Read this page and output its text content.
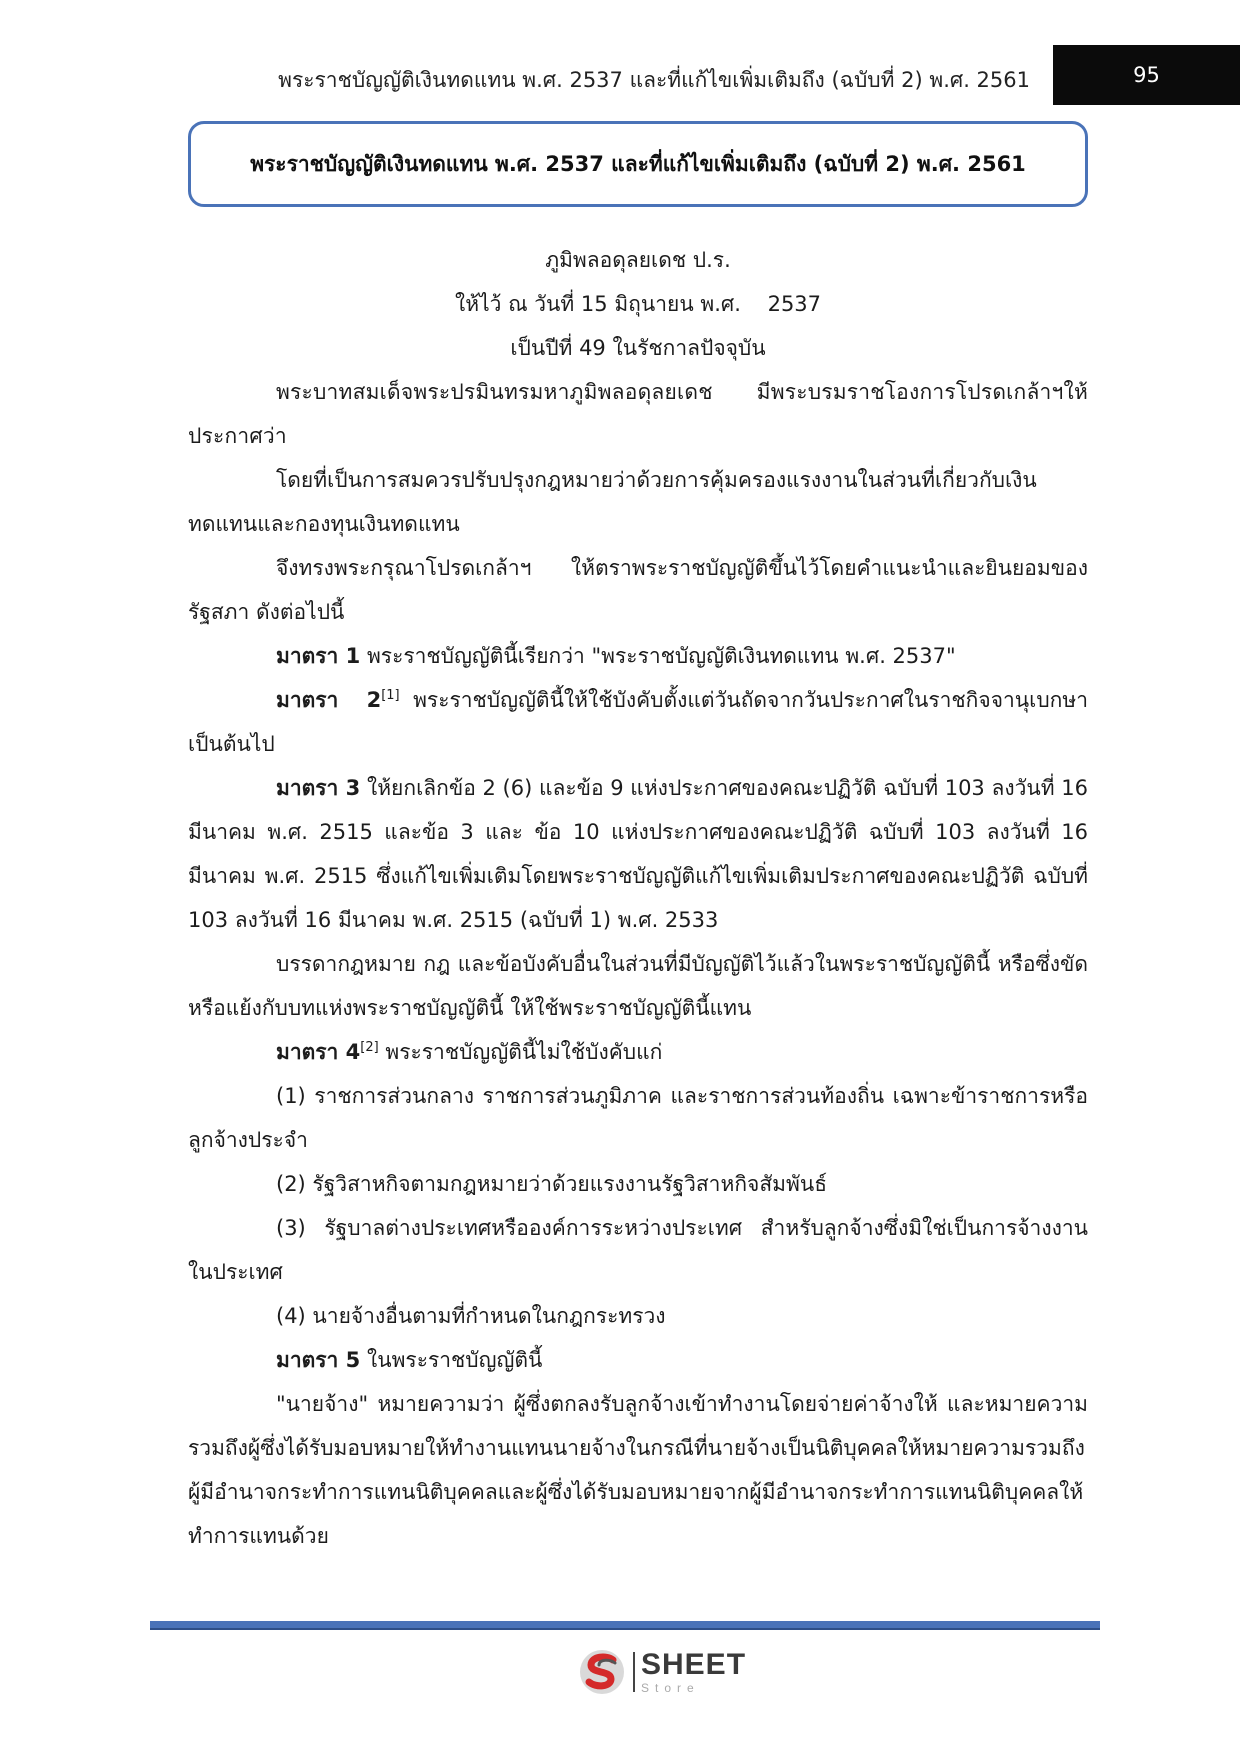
พระราชบัญญัติเงินทดแทน พ.ศ. 2537 และที่แก้ไขเพิ่มเติมถึง (ฉบับที่ 2) พ.ศ. 2561	95
พระราชบัญญัติเงินทดแทน พ.ศ. 2537 และที่แก้ไขเพิ่มเติมถึง (ฉบับที่ 2) พ.ศ. 2561
ภูมิพลอดุลยเดช ป.ร.
ให้ไว้ ณ วันที่ 15 มิถุนายน พ.ศ.    2537
เป็นปีที่ 49 ในรัชกาลปัจจุบัน

พระบาทสมเด็จพระปรมินทรมหาภูมิพลอดุลยเดช มีพระบรมราชโองการโปรดเกล้าฯให้ประกาศว่า

โดยที่เป็นการสมควรปรับปรุงกฎหมายว่าด้วยการคุ้มครองแรงงานในส่วนที่เกี่ยวกับเงินทดแทนและกองทุนเงินทดแทน

จึงทรงพระกรุณาโปรดเกล้าฯ ให้ตราพระราชบัญญัติขึ้นไว้โดยคำแนะนำและยินยอมของรัฐสภา ดังต่อไปนี้

มาตรา 1 พระราชบัญญัตินี้เรียกว่า "พระราชบัญญัติเงินทดแทน พ.ศ. 2537"

มาตรา  2[1] พระราชบัญญัตินี้ให้ใช้บังคับตั้งแต่วันถัดจากวันประกาศในราชกิจจานุเบกษา เป็นต้นไป

มาตรา 3 ให้ยกเลิกข้อ 2 (6) และข้อ 9 แห่งประกาศของคณะปฏิวัติ ฉบับที่ 103 ลงวันที่ 16 มีนาคม พ.ศ. 2515 และข้อ 3 และ ข้อ 10 แห่งประกาศของคณะปฏิวัติ ฉบับที่ 103 ลงวันที่ 16 มีนาคม พ.ศ. 2515 ซึ่งแก้ไขเพิ่มเติมโดยพระราชบัญญัติแก้ไขเพิ่มเติมประกาศของคณะปฏิวัติ ฉบับที่ 103 ลงวันที่ 16 มีนาคม พ.ศ. 2515 (ฉบับที่ 1) พ.ศ. 2533

บรรดากฎหมาย กฎ และข้อบังคับอื่นในส่วนที่มีบัญญัติไว้แล้วในพระราชบัญญัตินี้ หรือซึ่งขัดหรือแย้งกับบทแห่งพระราชบัญญัตินี้ ให้ใช้พระราชบัญญัตินี้แทน

มาตรา 4[2] พระราชบัญญัตินี้ไม่ใช้บังคับแก่

(1) ราชการส่วนกลาง ราชการส่วนภูมิภาค และราชการส่วนท้องถิ่น เฉพาะข้าราชการหรือลูกจ้างประจำ

(2) รัฐวิสาหกิจตามกฎหมายว่าด้วยแรงงานรัฐวิสาหกิจสัมพันธ์

(3) รัฐบาลต่างประเทศหรือองค์การระหว่างประเทศ สำหรับลูกจ้างซึ่งมิใช่เป็นการจ้างงานในประเทศ

(4) นายจ้างอื่นตามที่กำหนดในกฎกระทรวง

มาตรา 5 ในพระราชบัญญัตินี้

"นายจ้าง" หมายความว่า ผู้ซึ่งตกลงรับลูกจ้างเข้าทำงานโดยจ่ายค่าจ้างให้ และหมายความรวมถึงผู้ซึ่งได้รับมอบหมายให้ทำงานแทนนายจ้างในกรณีที่นายจ้างเป็นนิติบุคคลให้หมายความรวมถึงผู้มีอำนาจกระทำการแทนนิติบุคคลและผู้ซึ่งได้รับมอบหมายจากผู้มีอำนาจกระทำการแทนนิติบุคคลให้ทำการแทนด้วย

SHEET
Store
